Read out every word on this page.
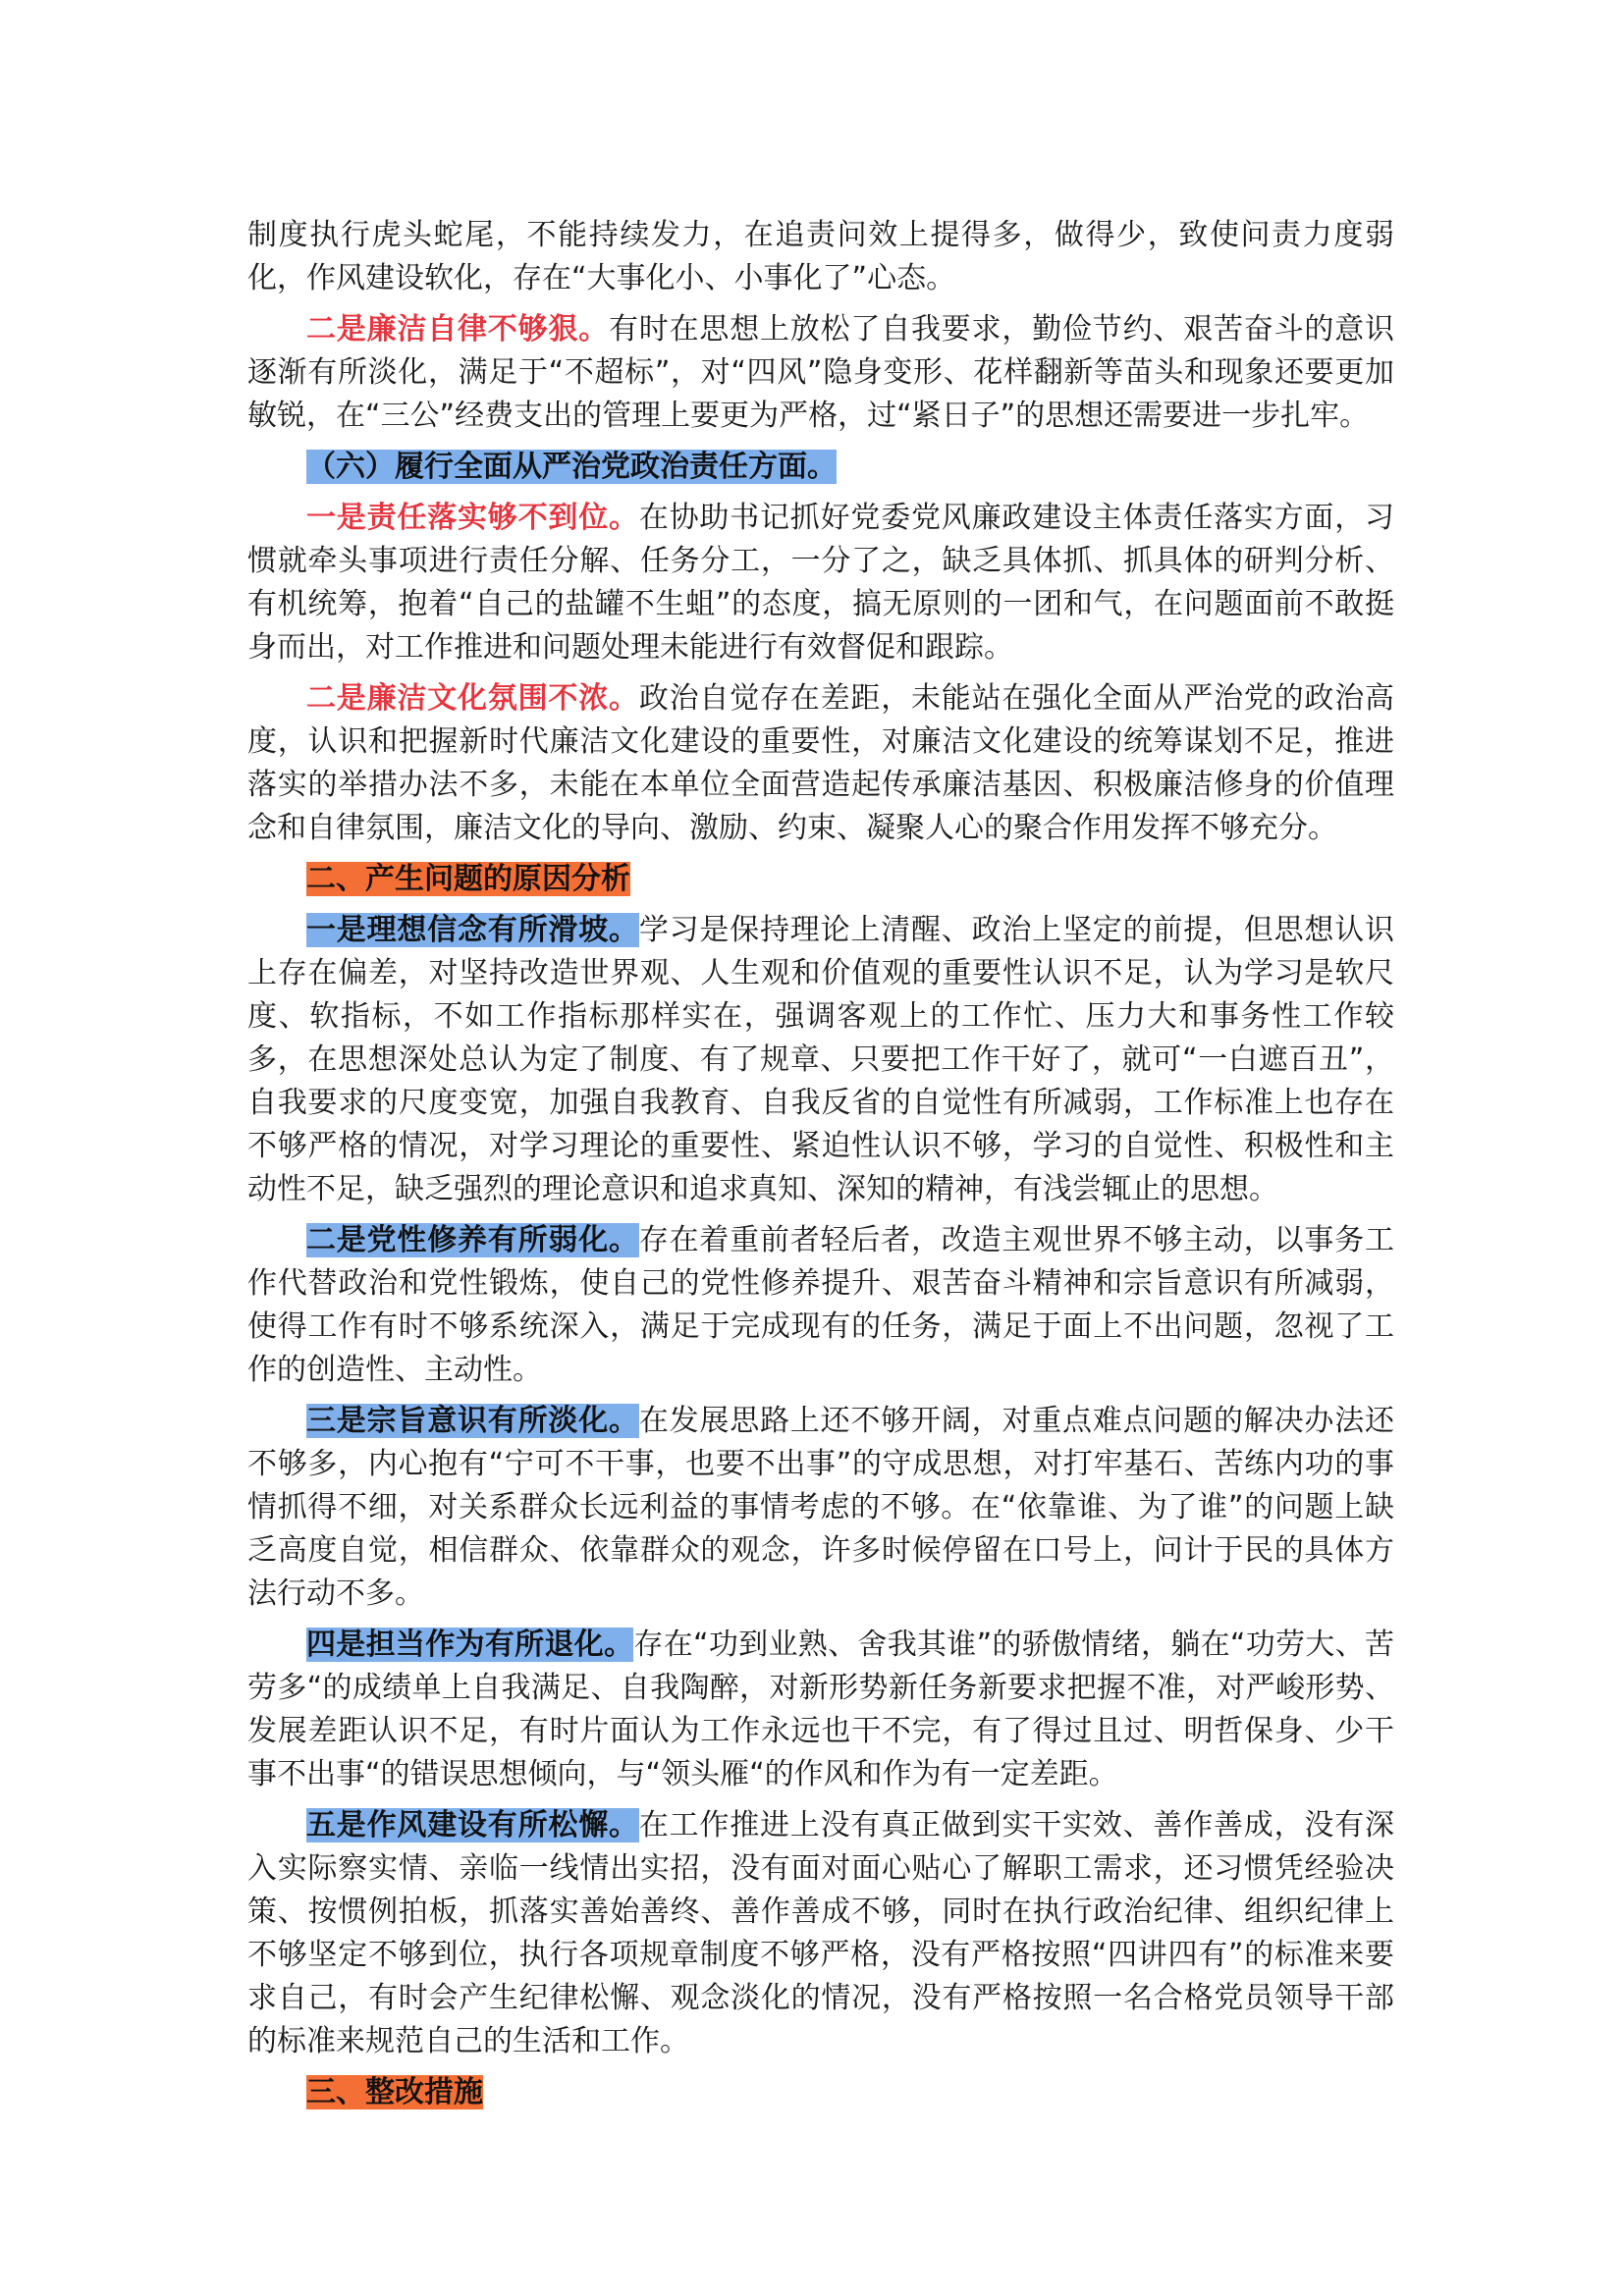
制度执行虎头蛇尾，不能持续发力，在追责问效上提得多，做得少，致使问责力度弱化，作风建设软化，存在“大事化小、小事化了”心态。

二是廉洁自律不够狠。有时在思想上放松了自我要求，勤俭节约、艰苦奋斗的意识逐渐有所淡化，满足于“不超标”，对“四风”隐身变形、花样翻新等苗头和现象还要更加敏锐，在“三公”经费支出的管理上要更为严格，过“紧日子”的思想还需要进一步扎牢。

（六）履行全面从严治党政治责任方面。

一是责任落实够不到位。在协助书记抓好党委党风廉政建设主体责任落实方面，习惯就牵头事项进行责任分解、任务分工，一分了之，缺乏具体抓、抓具体的研判分析、有机统筹，抱着“自己的盐罐不生蛆”的态度，搞无原则的一团和气，在问题面前不敢挺身而出，对工作推进和问题处理未能进行有效督促和跟踪。

二是廉洁文化氛围不浓。政治自觉存在差距，未能站在强化全面从严治党的政治高度，认识和把握新时代廉洁文化建设的重要性，对廉洁文化建设的统筹谋划不足，推进落实的举措办法不多，未能在本单位全面营造起传承廉洁基因、积极廉洁修身的价值理念和自律氛围，廉洁文化的导向、激励、约束、凝聚人心的聚合作用发挥不够充分。

二、产生问题的原因分析

一是理想信念有所滑坡。学习是保持理论上清醒、政治上坚定的前提，但思想认识上存在偏差，对坚持改造世界观、人生观和价值观的重要性认识不足，认为学习是软尺度、软指标，不如工作指标那样实在，强调客观上的工作忙、压力大和事务性工作较多，在思想深处总认为定了制度、有了规章、只要把工作干好了，就可“一白遮百丑”，自我要求的尺度变宽，加强自我教育、自我反省的自觉性有所减弱，工作标准上也存在不够严格的情况，对学习理论的重要性、紧迫性认识不够，学习的自觉性、积极性和主动性不足，缺乏强烈的理论意识和追求真知、深知的精神，有浅尝辄止的思想。

二是党性修养有所弱化。存在着重前者轻后者，改造主观世界不够主动，以事务工作代替政治和党性锻炼，使自己的党性修养提升、艰苦奋斗精神和宗旨意识有所减弱，使得工作有时不够系统深入，满足于完成现有的任务，满足于面上不出问题，忽视了工作的创造性、主动性。

三是宗旨意识有所淡化。在发展思路上还不够开阔，对重点难点问题的解决办法还不够多，内心抱有“宁可不干事，也要不出事”的守成思想，对打牢基石、苦练内功的事情抓得不细，对关系群众长远利益的事情考虑的不够。在“依靠谁、为了谁”的问题上缺乏高度自觉，相信群众、依靠群众的观念，许多时候停留在口号上，问计于民的具体方法行动不多。

四是担当作为有所退化。存在“功到业熟、舍我其谁”的骄傲情绪，躺在“功劳大、苦劳多“的成绩单上自我满足、自我陶醉，对新形势新任务新要求把握不准，对严峻形势、发展差距认识不足，有时片面认为工作永远也干不完，有了得过且过、明哲保身、少干事不出事“的错误思想倾向，与“领头雁“的作风和作为有一定差距。

五是作风建设有所松懈。在工作推进上没有真正做到实干实效、善作善成，没有深入实际察实情、亲临一线情出实招，没有面对面心贴心了解职工需求，还习惯凭经验决策、按惯例拍板，抓落实善始善终、善作善成不够，同时在执行政治纪律、组织纪律上不够坚定不够到位，执行各项规章制度不够严格，没有严格按照“四讲四有”的标准来要求自己，有时会产生纪律松懈、观念淡化的情况，没有严格按照一名合格党员领导干部的标准来规范自己的生活和工作。

三、整改措施
